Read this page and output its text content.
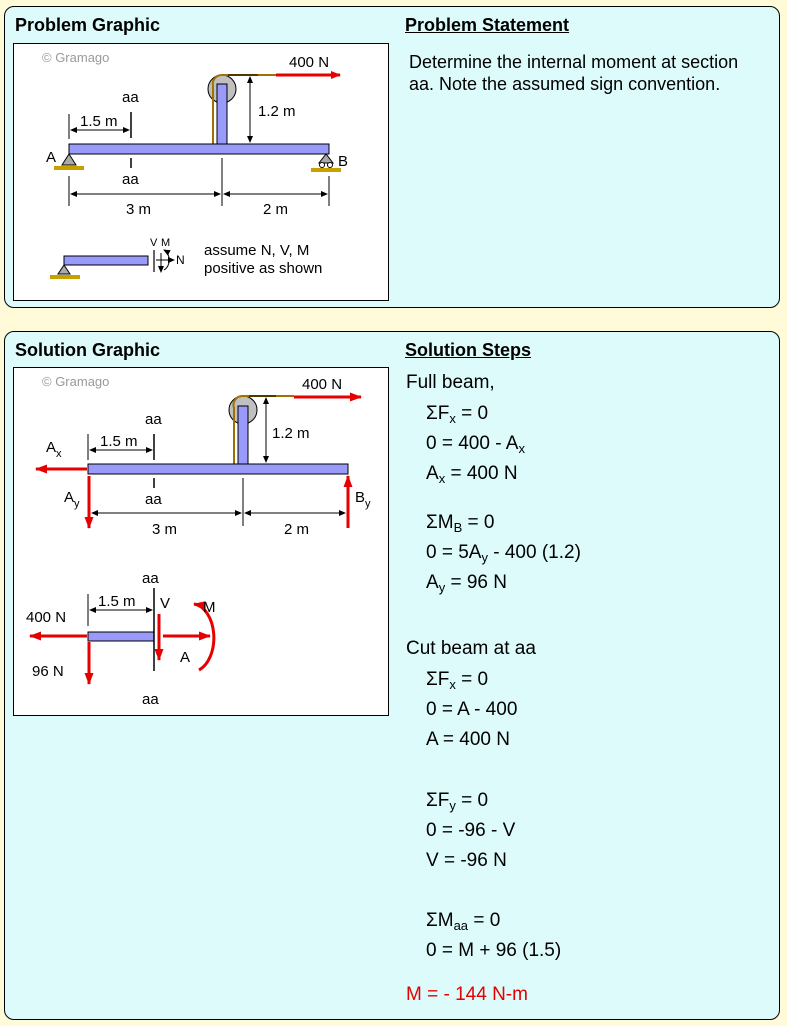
Problem Graphic	Problem Statement
© Gramago	400 N
1.2 m
aa
1.5 m
A	B
aa
3 m	2 m
V M
N
assume N, V, M
positive as shown
Determine the internal moment at section aa. Note the assumed sign convention.
Solution Graphic	Solution Steps
© Gramago	400 N
1.2 m
aa
1.5 m
$A_x$
$A_y$	$B_y$
aa
3 m	2 m
aa
1.5 m
400 N
96 N
V
A
M
aa
Full beam,
$\Sigma F_x = 0$
$0 = 400 - A_x$
$A_x = 400$ N
$\Sigma M_B = 0$
$0 = 5A_y - 400$ (1.2)
$A_y = 96$ N
Cut beam at aa
$\Sigma F_x = 0$
0 = A - 400
A = 400 N
$\Sigma F_y = 0$
0 = -96 - V
V = -96 N
$\Sigma M_{aa} = 0$
0 = M + 96 (1.5)
M = - 144 N-m
